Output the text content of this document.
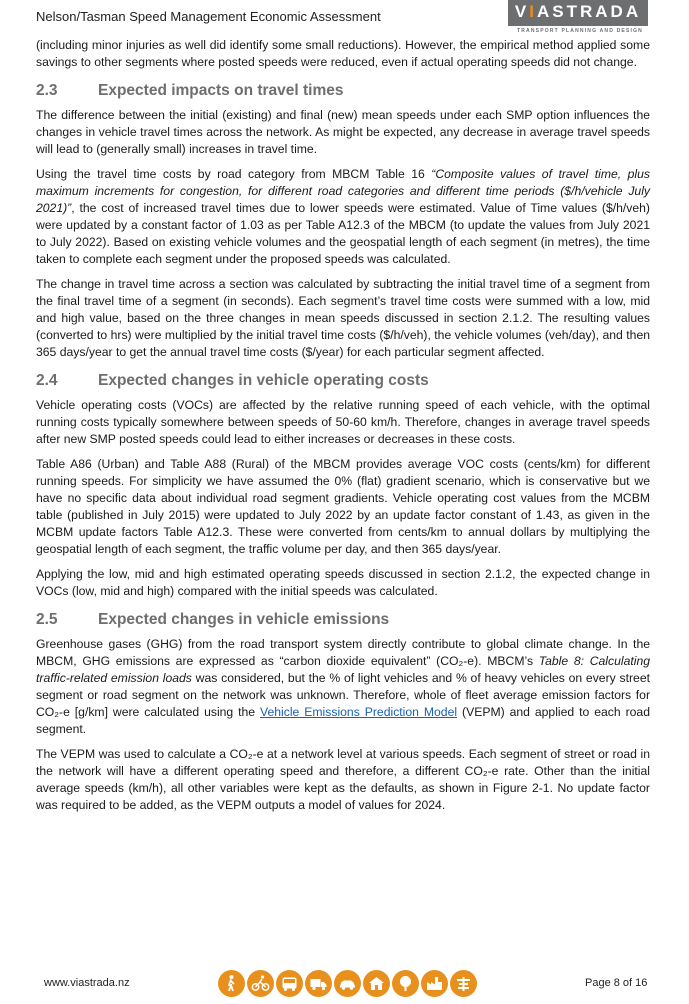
Nelson/Tasman Speed Management Economic Assessment	VIASTRADA
TRANSPORT PLANNING AND DESIGN

(including minor injuries as well did identify some small reductions). However, the empirical method applied some savings to other segments where posted speeds were reduced, even if actual operating speeds did not change.

2.3	Expected impacts on travel times

The difference between the initial (existing) and final (new) mean speeds under each SMP option influences the changes in vehicle travel times across the network. As might be expected, any decrease in average travel speeds will lead to (generally small) increases in travel time.

Using the travel time costs by road category from MBCM Table 16 “Composite values of travel time, plus maximum increments for congestion, for different road categories and different time periods ($/h/vehicle July 2021)”, the cost of increased travel times due to lower speeds were estimated. Value of Time values ($/h/veh) were updated by a constant factor of 1.03 as per Table A12.3 of the MBCM (to update the values from July 2021 to July 2022). Based on existing vehicle volumes and the geospatial length of each segment (in metres), the time taken to complete each segment under the proposed speeds was calculated.

The change in travel time across a section was calculated by subtracting the initial travel time of a segment from the final travel time of a segment (in seconds). Each segment’s travel time costs were summed with a low, mid and high value, based on the three changes in mean speeds discussed in section 2.1.2. The resulting values (converted to hrs) were multiplied by the initial travel time costs ($/h/veh), the vehicle volumes (veh/day), and then 365 days/year to get the annual travel time costs ($/year) for each particular segment affected.

2.4	Expected changes in vehicle operating costs

Vehicle operating costs (VOCs) are affected by the relative running speed of each vehicle, with the optimal running costs typically somewhere between speeds of 50-60 km/h. Therefore, changes in average travel speeds after new SMP posted speeds could lead to either increases or decreases in these costs.

Table A86 (Urban) and Table A88 (Rural) of the MBCM provides average VOC costs (cents/km) for different running speeds. For simplicity we have assumed the 0% (flat) gradient scenario, which is conservative but we have no specific data about individual road segment gradients. Vehicle operating cost values from the MCBM table (published in July 2015) were updated to July 2022 by an update factor constant of 1.43, as given in the MCBM update factors Table A12.3. These were converted from cents/km to annual dollars by multiplying the geospatial length of each segment, the traffic volume per day, and then 365 days/year.

Applying the low, mid and high estimated operating speeds discussed in section 2.1.2, the expected change in VOCs (low, mid and high) compared with the initial speeds was calculated.

2.5	Expected changes in vehicle emissions

Greenhouse gases (GHG) from the road transport system directly contribute to global climate change. In the MBCM, GHG emissions are expressed as “carbon dioxide equivalent” (CO₂-e). MBCM’s Table 8: Calculating traffic-related emission loads was considered, but the % of light vehicles and % of heavy vehicles on every street segment or road segment on the network was unknown. Therefore, whole of fleet average emission factors for CO₂-e [g/km] were calculated using the Vehicle Emissions Prediction Model (VEPM) and applied to each road segment.

The VEPM was used to calculate a CO₂-e at a network level at various speeds. Each segment of street or road in the network will have a different operating speed and therefore, a different CO₂-e rate. Other than the initial average speeds (km/h), all other variables were kept as the defaults, as shown in Figure 2-1. No update factor was required to be added, as the VEPM outputs a model of values for 2024.

www.viastrada.nz	Page 8 of 16
